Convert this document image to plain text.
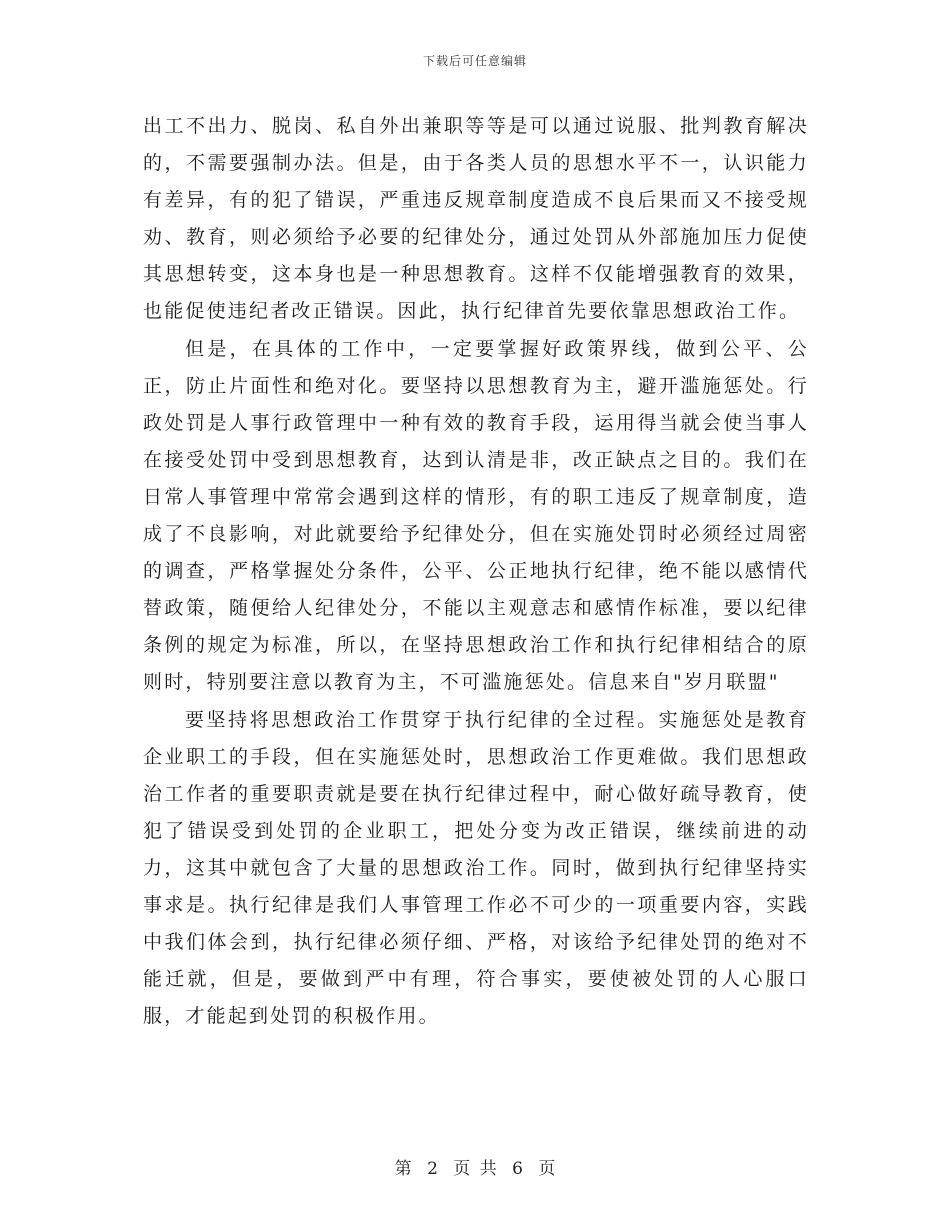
下载后可任意编辑

出工不出力、脱岗、私自外出兼职等等是可以通过说服、批判教育解决的，不需要强制办法。但是，由于各类人员的思想水平不一，认识能力有差异，有的犯了错误，严重违反规章制度造成不良后果而又不接受规劝、教育，则必须给予必要的纪律处分，通过处罚从外部施加压力促使其思想转变，这本身也是一种思想教育。这样不仅能增强教育的效果，也能促使违纪者改正错误。因此，执行纪律首先要依靠思想政治工作。

但是，在具体的工作中，一定要掌握好政策界线，做到公平、公正，防止片面性和绝对化。要坚持以思想教育为主，避开滥施惩处。行政处罚是人事行政管理中一种有效的教育手段，运用得当就会使当事人在接受处罚中受到思想教育，达到认清是非，改正缺点之目的。我们在日常人事管理中常常会遇到这样的情形，有的职工违反了规章制度，造成了不良影响，对此就要给予纪律处分，但在实施处罚时必须经过周密的调查，严格掌握处分条件，公平、公正地执行纪律，绝不能以感情代替政策，随便给人纪律处分，不能以主观意志和感情作标准，要以纪律条例的规定为标准，所以，在坚持思想政治工作和执行纪律相结合的原则时，特别要注意以教育为主，不可滥施惩处。信息来自"岁月联盟"

要坚持将思想政治工作贯穿于执行纪律的全过程。实施惩处是教育企业职工的手段，但在实施惩处时，思想政治工作更难做。我们思想政治工作者的重要职责就是要在执行纪律过程中，耐心做好疏导教育，使犯了错误受到处罚的企业职工，把处分变为改正错误，继续前进的动力，这其中就包含了大量的思想政治工作。同时，做到执行纪律坚持实事求是。执行纪律是我们人事管理工作必不可少的一项重要内容，实践中我们体会到，执行纪律必须仔细、严格，对该给予纪律处罚的绝对不能迁就，但是，要做到严中有理，符合事实，要使被处罚的人心服口服，才能起到处罚的积极作用。

第 2 页 共 6 页
